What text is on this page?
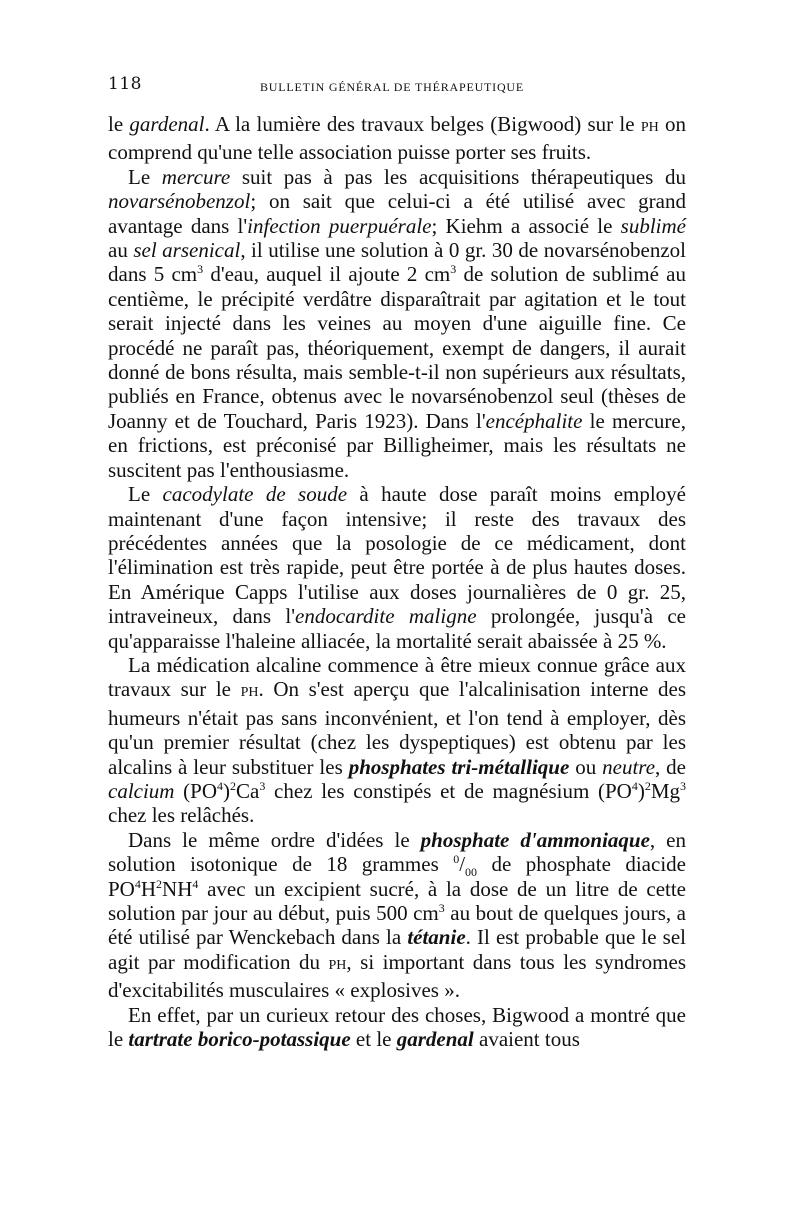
118	BULLETIN GÉNÉRAL DE THÉRAPEUTIQUE

le gardenal. A la lumière des travaux belges (Bigwood) sur le PH on comprend qu'une telle association puisse porter ses fruits.

Le mercure suit pas à pas les acquisitions thérapeutiques du novarsénobenzol; on sait que celui-ci a été utilisé avec grand avantage dans l'infection puerpuérale; Kiehm a associé le sublimé au sel arsenical, il utilise une solution à 0 gr. 30 de novarsénobenzol dans 5 $cm^3$ d'eau, auquel il ajoute 2 $cm^3$ de solution de sublimé au centième, le précipité verdâtre disparaîtrait par agitation et le tout serait injecté dans les veines au moyen d'une aiguille fine. Ce procédé ne paraît pas, théoriquement, exempt de dangers, il aurait donné de bons résulta, mais semble-t-il non supérieurs aux résultats, publiés en France, obtenus avec le novarsénobenzol seul (thèses de Joanny et de Touchard, Paris 1923). Dans l'encéphalite le mercure, en frictions, est préconisé par Billigheimer, mais les résultats ne suscitent pas l'enthousiasme.

Le cacodylate de soude à haute dose paraît moins employé maintenant d'une façon intensive; il reste des travaux des précédentes années que la posologie de ce médicament, dont l'élimination est très rapide, peut être portée à de plus hautes doses. En Amérique Capps l'utilise aux doses journalières de 0 gr. 25, intraveineux, dans l'endocardite maligne prolongée, jusqu'à ce qu'apparaisse l'haleine alliacée, la mortalité serait abaissée à 25 %.

La médication alcaline commence à être mieux connue grâce aux travaux sur le PH. On s'est aperçu que l'alcalinisation interne des humeurs n'était pas sans inconvénient, et l'on tend à employer, dès qu'un premier résultat (chez les dyspeptiques) est obtenu par les alcalins à leur substituer les phosphates tri-métallique ou neutre, de calcium $(PO^4)^2Ca^3$ chez les constipés et de magnésium $(PO^4)^2Mg^3$ chez les relâchés.

Dans le même ordre d'idées le phosphate d'ammoniaque, en solution isotonique de 18 grammes $^0/_{00}$ de phosphate diacide $PO^4H^2NH^4$ avec un excipient sucré, à la dose de un litre de cette solution par jour au début, puis 500 $cm^3$ au bout de quelques jours, a été utilisé par Wenckebach dans la tétanie. Il est probable que le sel agit par modification du PH, si important dans tous les syndromes d'excitabilités musculaires « explosives ».

En effet, par un curieux retour des choses, Bigwood a montré que le tartrate borico-potassique et le gardenal avaient tous
